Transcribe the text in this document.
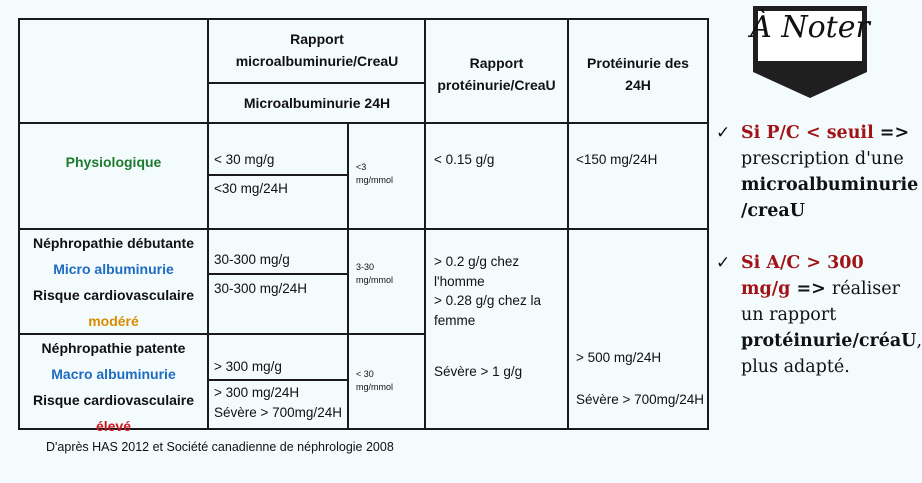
Rapport
microalbuminurie/CreaU
Microalbuminurie 24H
Rapport
protéinurie/CreaU
Protéinurie des
24H
Physiologique	< 30 mg/g
<30 mg/24H
<3
mg/mmol
< 0.15 g/g	<150 mg/24H
Néphropathie débutante
Micro albuminurie
Risque cardiovasculaire
modéré
30-300 mg/g
30-300 mg/24H
3-30
mg/mmol
> 0.2 g/g chez
l'homme
> 0.28 g/g chez la
femme
Sévère > 1 g/g
> 500 mg/24H
Sévère > 700mg/24H
Néphropathie patente
Macro albuminurie
Risque cardiovasculaire
élevé
> 300 mg/g
> 300 mg/24H
Sévère > 700mg/24H
< 30
mg/mmol
D'après HAS 2012 et Société canadienne de néphrologie 2008
À Noter
✓ Si P/C < seuil => prescription d'une microalbuminurie /creaU
✓ Si A/C > 300 mg/g => réaliser un rapport protéinurie/créaU, plus adapté.
